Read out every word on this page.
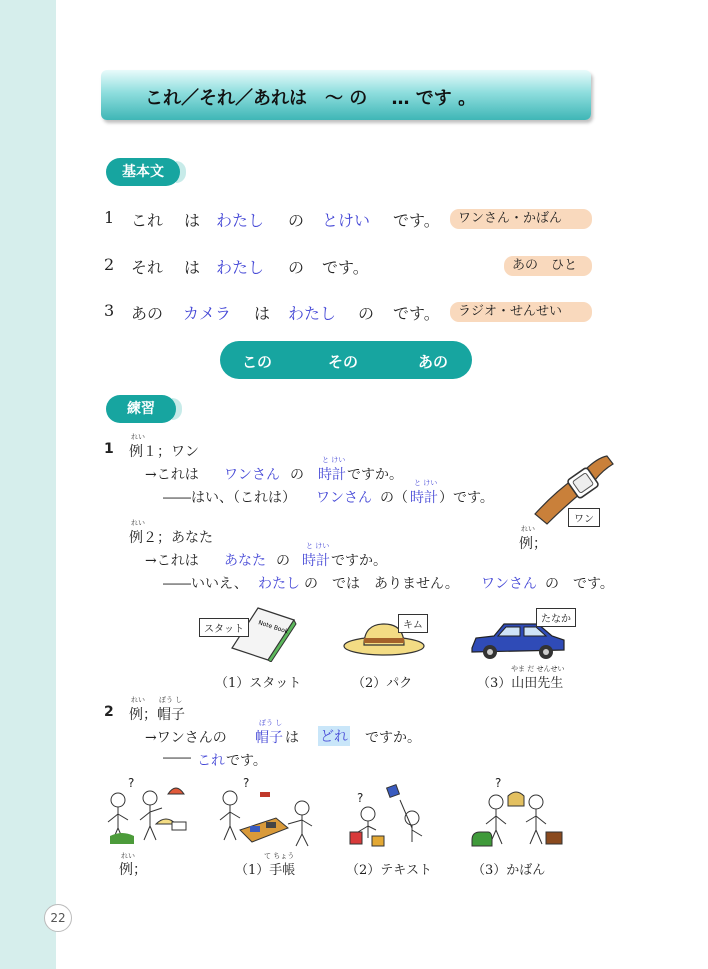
22
これ／それ／あれは　～ の　 … です 。
基本文
1 これ は わたし の とけい です。	ワンさん・かばん
2 それ は わたし の です。	あの　ひと
3 あの カメラ は わたし の です。	ラジオ・せんせい
この	その	あの
練習
1
れい
例１；ワン
→これは ワンさん の
と けい
時計 ですか。
――はい、（これは） ワンさん の（
と けい
時計 ）です。
れい
例２；あなた
→これは あなた の
と けい
時計 ですか。
――いいえ、 わたし の　では　ありません。 ワンさん の　です。
ワン
れい
例；
Note Book
スタット	キム
たなか
（1）スタット	（2）パク
やま だ せんせい
（3）山田先生
2
れい ぼう し
例；帽子
→ワンさんの
ぼう し
帽子 は どれ ですか。
―― これ です。
?	?
?
?
れい
例；
て ちょう
（1）手帳	（2）テキスト	（3）かばん
